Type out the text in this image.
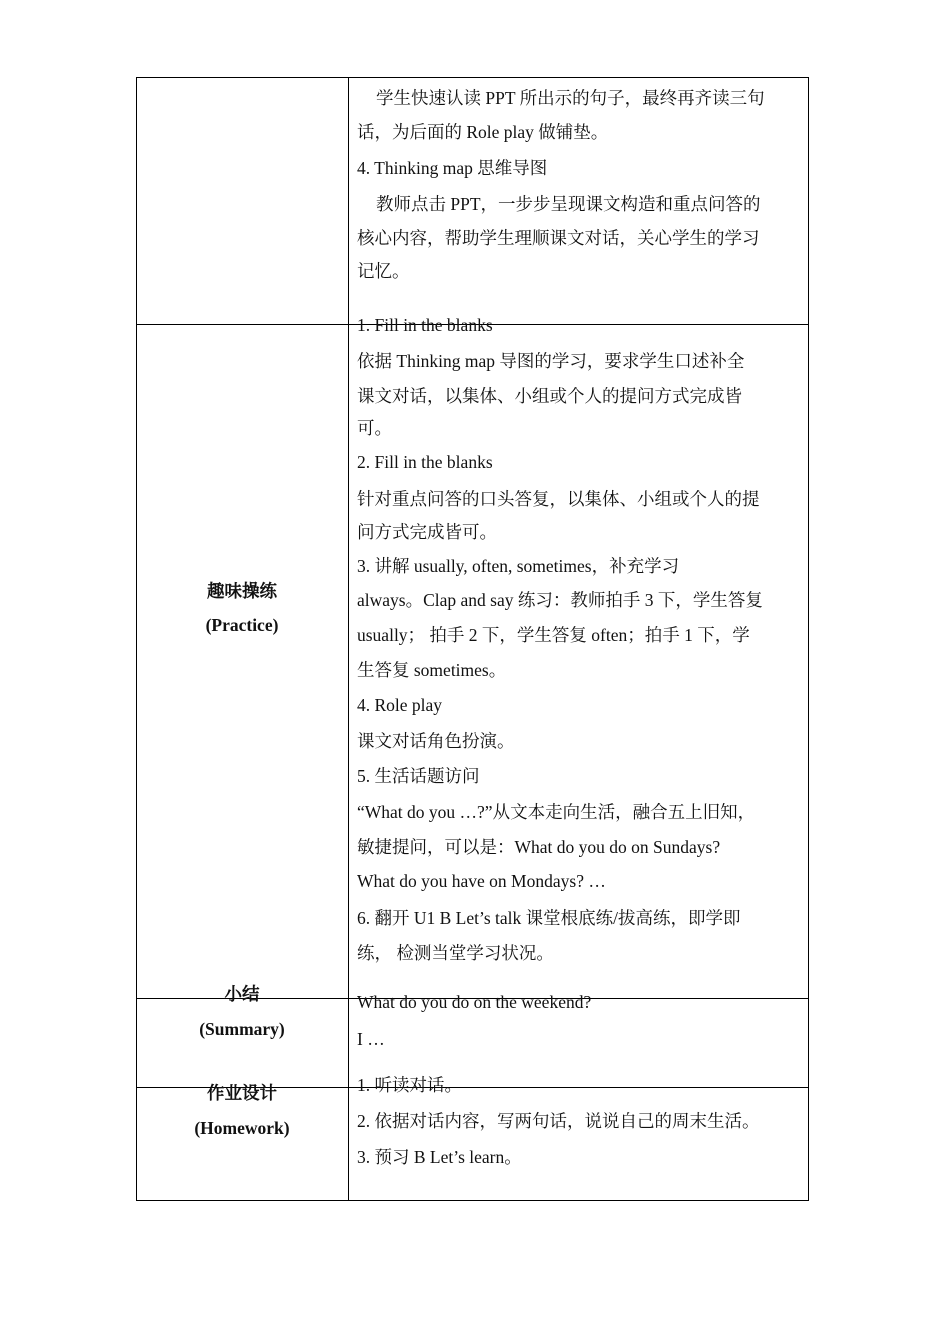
学生快速认读 PPT 所出示的句子，最终再齐读三句
话，为后面的 Role play 做铺垫。
4. Thinking map 思维导图
教师点击 PPT，一步步呈现课文构造和重点问答的
核心内容，帮助学生理顺课文对话，关心学生的学习
记忆。
趣味操练
(Practice)
1. Fill in the blanks
依据 Thinking map 导图的学习，要求学生口述补全
课文对话，以集体、小组或个人的提问方式完成皆
可。
2. Fill in the blanks
针对重点问答的口头答复，以集体、小组或个人的提
问方式完成皆可。
3. 讲解 usually, often, sometimes，补充学习
always。Clap and say 练习：教师拍手 3 下，学生答复
usually； 拍手 2 下，学生答复 often；拍手 1 下，学
生答复 sometimes。
4. Role play
课文对话角色扮演。
5. 生活话题访问
“What do you …?”从文本走向生活，融合五上旧知，
敏捷提问，可以是：What do you do on Sundays?
What do you have on Mondays? …
6. 翻开 U1 B Let’s talk 课堂根底练/拔高练，即学即
练， 检测当堂学习状况。
小结
(Summary)
What do you do on the weekend?
I …
作业设计
(Homework)
1. 听读对话。
2. 依据对话内容，写两句话，说说自己的周末生活。
3. 预习 B Let’s learn。
